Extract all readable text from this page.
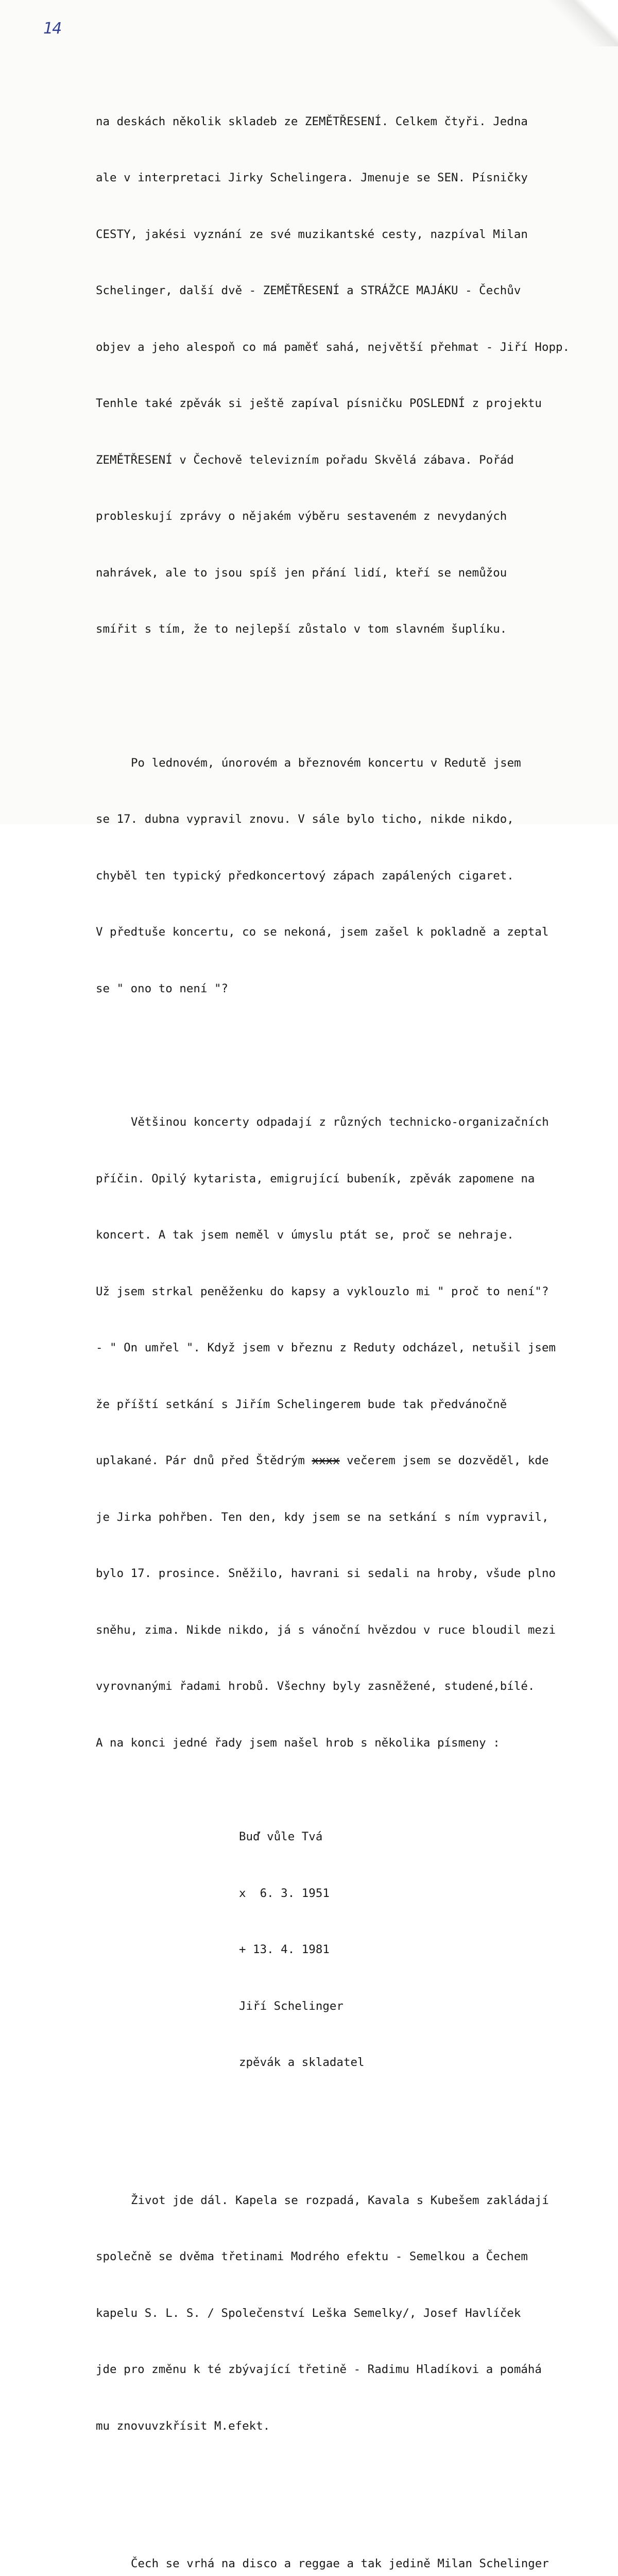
14

na deskách několik skladeb ze ZEMĚTŘESENÍ. Celkem čtyři. Jedna

ale v interpretaci Jirky Schelingera. Jmenuje se SEN. Písničky

CESTY, jakési vyznání ze své muzikantské cesty, nazpíval Milan

Schelinger, další dvě - ZEMĚTŘESENÍ a STRÁŽCE MAJÁKU - Čechův

objev a jeho alespoň co má paměť sahá, největší přehmat - Jiří Hopp.

Tenhle také zpěvák si ještě zapíval písničku POSLEDNÍ z projektu

ZEMĚTŘESENÍ v Čechově televizním pořadu Skvělá zábava. Pořád

probleskují zprávy o nějakém výběru sestaveném z nevydaných

nahrávek, ale to jsou spíš jen přání lidí, kteří se nemůžou

smířit s tím, že to nejlepší zůstalo v tom slavném šuplíku.

Po lednovém, únorovém a březnovém koncertu v Redutě jsem

se 17. dubna vypravil znovu. V sále bylo ticho, nikde nikdo,

chyběl ten typický předkoncertový zápach zapálených cigaret.

V předtuše koncertu, co se nekoná, jsem zašel k pokladně a zeptal

se " ono to není "?

Většinou koncerty odpadají z různých technicko-organizačních

příčin. Opilý kytarista, emigrující bubeník, zpěvák zapomene na

koncert. A tak jsem neměl v úmyslu ptát se, proč se nehraje.

Už jsem strkal peněženku do kapsy a vyklouzlo mi " proč to není"?

- " On umřel ". Když jsem v březnu z Reduty odcházel, netušil jsem

že příští setkání s Jiřím Schelingerem bude tak předvánočně

uplakané. Pár dnů před Štědrým xxxx večerem jsem se dozvěděl, kde

je Jirka pohřben. Ten den, kdy jsem se na setkání s ním vypravil,

bylo 17. prosince. Sněžilo, havrani si sedali na hroby, všude plno

sněhu, zima. Nikde nikdo, já s vánoční hvězdou v ruce bloudil mezi

vyrovnanými řadami hrobů. Všechny byly zasněžené, studené,bílé.

A na konci jedné řady jsem našel hrob s několika písmeny :

Buď vůle Tvá

x  6. 3. 1951

+ 13. 4. 1981

Jiří Schelinger

zpěvák a skladatel

Život jde dál. Kapela se rozpadá, Kavala s Kubešem zakládají

společně se dvěma třetinami Modrého efektu - Semelkou a Čechem

kapelu S. L. S. / Společenství Leška Semelky/, Josef Havlíček

jde pro změnu k té zbývající třetině - Radimu Hladíkovi a pomáhá

mu znovuvzkřísit M.efekt.

Čech se vrhá na disco a reggae a tak jedině Milan Schelinger
